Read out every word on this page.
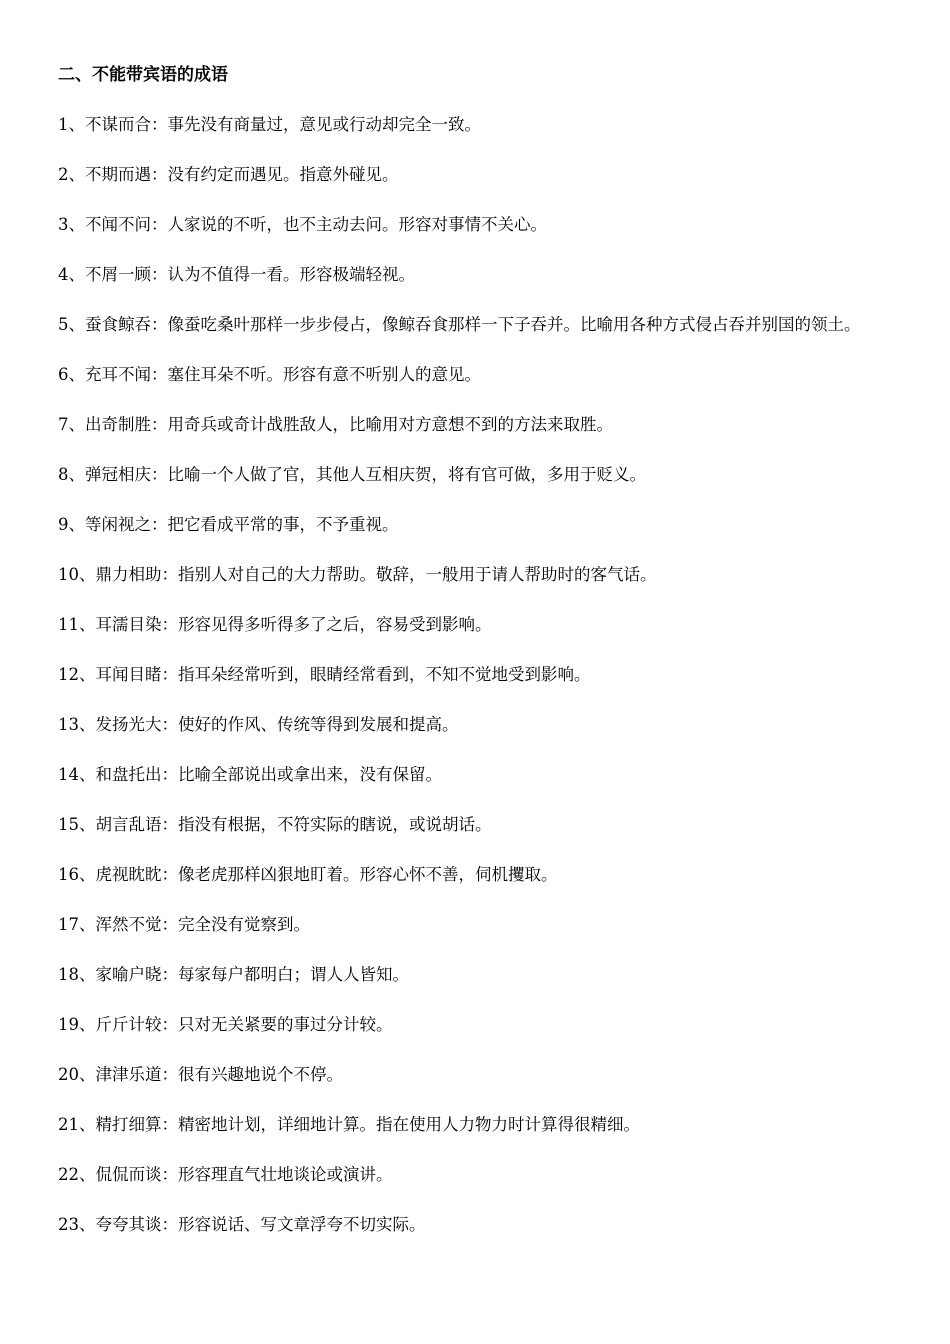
二、不能带宾语的成语
1、不谋而合：事先没有商量过，意见或行动却完全一致。
2、不期而遇：没有约定而遇见。指意外碰见。
3、不闻不问：人家说的不听，也不主动去问。形容对事情不关心。
4、不屑一顾：认为不值得一看。形容极端轻视。
5、蚕食鲸吞：像蚕吃桑叶那样一步步侵占，像鲸吞食那样一下子吞并。比喻用各种方式侵占吞并别国的领土。
6、充耳不闻：塞住耳朵不听。形容有意不听别人的意见。
7、出奇制胜：用奇兵或奇计战胜敌人，比喻用对方意想不到的方法来取胜。
8、弹冠相庆：比喻一个人做了官，其他人互相庆贺，将有官可做，多用于贬义。
9、等闲视之：把它看成平常的事，不予重视。
10、鼎力相助：指别人对自己的大力帮助。敬辞，一般用于请人帮助时的客气话。
11、耳濡目染：形容见得多听得多了之后，容易受到影响。
12、耳闻目睹：指耳朵经常听到，眼睛经常看到，不知不觉地受到影响。
13、发扬光大：使好的作风、传统等得到发展和提高。
14、和盘托出：比喻全部说出或拿出来，没有保留。
15、胡言乱语：指没有根据，不符实际的瞎说，或说胡话。
16、虎视眈眈：像老虎那样凶狠地盯着。形容心怀不善，伺机攫取。
17、浑然不觉：完全没有觉察到。
18、家喻户晓：每家每户都明白；谓人人皆知。
19、斤斤计较：只对无关紧要的事过分计较。
20、津津乐道：很有兴趣地说个不停。
21、精打细算：精密地计划，详细地计算。指在使用人力物力时计算得很精细。
22、侃侃而谈：形容理直气壮地谈论或演讲。
23、夸夸其谈：形容说话、写文章浮夸不切实际。
